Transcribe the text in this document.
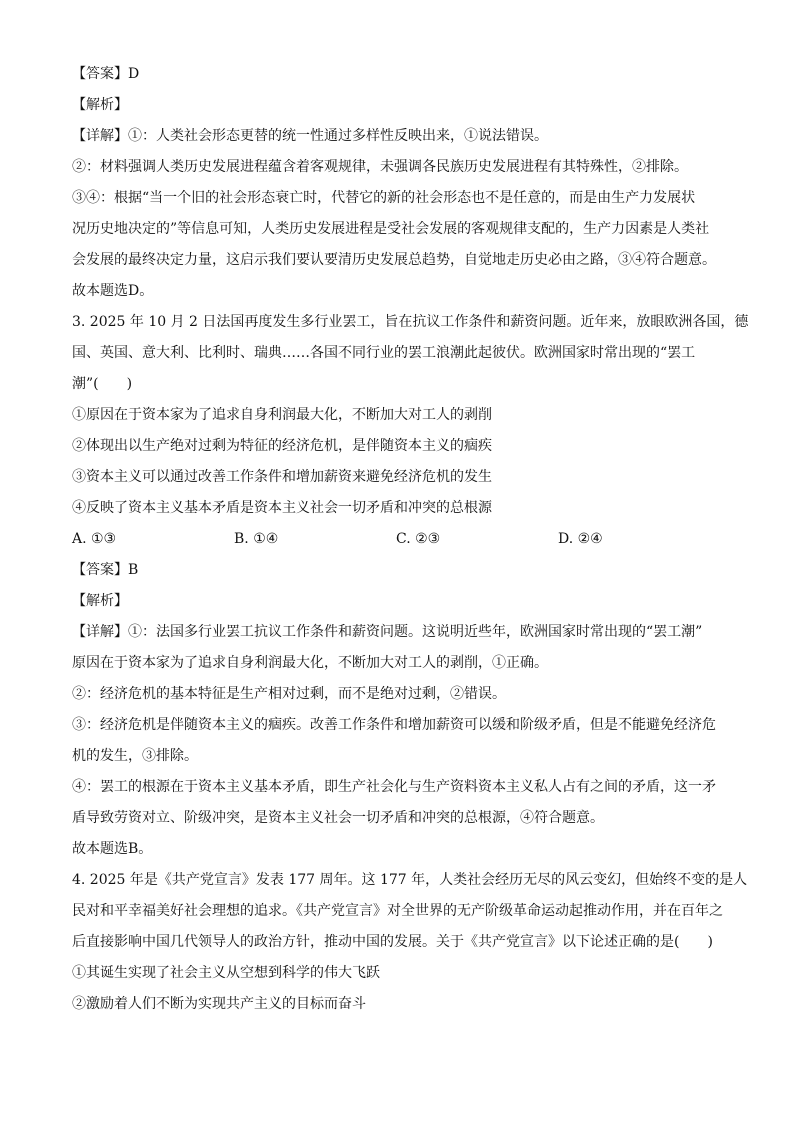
【答案】D
【解析】
【详解】①：人类社会形态更替的统一性通过多样性反映出来，①说法错误。
②：材料强调人类历史发展进程蕴含着客观规律，未强调各民族历史发展进程有其特殊性，②排除。
③④：根据“当一个旧的社会形态衰亡时，代替它的新的社会形态也不是任意的，而是由生产力发展状
况历史地决定的”等信息可知，人类历史发展进程是受社会发展的客观规律支配的，生产力因素是人类社
会发展的最终决定力量，这启示我们要认要清历史发展总趋势，自觉地走历史必由之路，③④符合题意。
故本题选D。
3. 2025 年 10 月 2 日法国再度发生多行业罢工，旨在抗议工作条件和薪资问题。近年来，放眼欧洲各国，德
国、英国、意大利、比利时、瑞典……各国不同行业的罢工浪潮此起彼伏。欧洲国家时常出现的“罢工
潮”(　　)
①原因在于资本家为了追求自身利润最大化，不断加大对工人的剥削
②体现出以生产绝对过剩为特征的经济危机，是伴随资本主义的痼疾
③资本主义可以通过改善工作条件和增加薪资来避免经济危机的发生
④反映了资本主义基本矛盾是资本主义社会一切矛盾和冲突的总根源
A. ①③	B. ①④	C. ②③	D. ②④
【答案】B
【解析】
【详解】①：法国多行业罢工抗议工作条件和薪资问题。这说明近些年，欧洲国家时常出现的“罢工潮”
原因在于资本家为了追求自身利润最大化，不断加大对工人的剥削，①正确。
②：经济危机的基本特征是生产相对过剩，而不是绝对过剩，②错误。
③：经济危机是伴随资本主义的痼疾。改善工作条件和增加薪资可以缓和阶级矛盾，但是不能避免经济危
机的发生，③排除。
④：罢工的根源在于资本主义基本矛盾，即生产社会化与生产资料资本主义私人占有之间的矛盾，这一矛
盾导致劳资对立、阶级冲突，是资本主义社会一切矛盾和冲突的总根源，④符合题意。
故本题选B。
4. 2025 年是《共产党宣言》发表 177 周年。这 177 年，人类社会经历无尽的风云变幻，但始终不变的是人
民对和平幸福美好社会理想的追求。《共产党宣言》对全世界的无产阶级革命运动起推动作用，并在百年之
后直接影响中国几代领导人的政治方针，推动中国的发展。关于《共产党宣言》以下论述正确的是(　　)
①其诞生实现了社会主义从空想到科学的伟大飞跃
②激励着人们不断为实现共产主义的目标而奋斗
